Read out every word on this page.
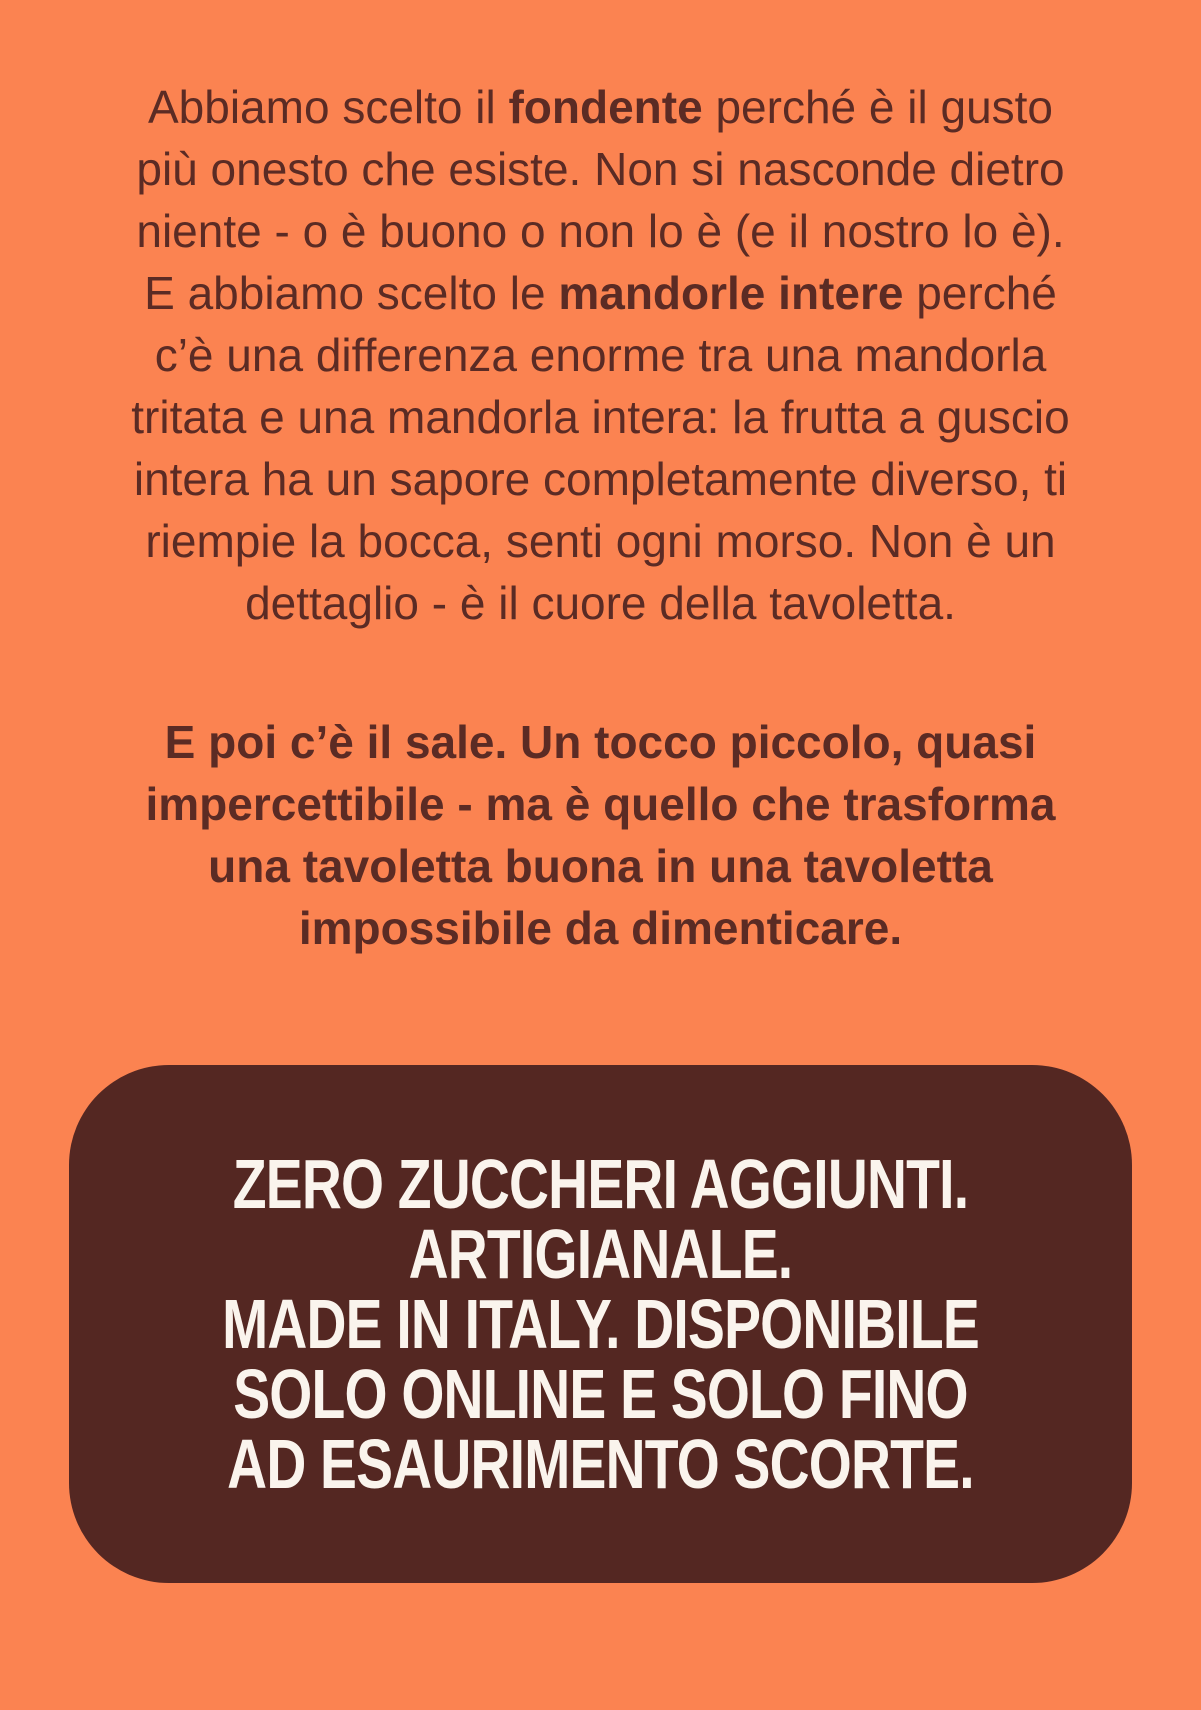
Abbiamo scelto il fondente perché è il gusto
più onesto che esiste. Non si nasconde dietro
niente - o è buono o non lo è (e il nostro lo è).
E abbiamo scelto le mandorle intere perché
c’è una differenza enorme tra una mandorla
tritata e una mandorla intera: la frutta a guscio
intera ha un sapore completamente diverso, ti
riempie la bocca, senti ogni morso. Non è un
dettaglio - è il cuore della tavoletta.
E poi c’è il sale. Un tocco piccolo, quasi
impercettibile - ma è quello che trasforma
una tavoletta buona in una tavoletta
impossibile da dimenticare.
ZERO ZUCCHERI AGGIUNTI.
ARTIGIANALE.
MADE IN ITALY. DISPONIBILE
SOLO ONLINE E SOLO FINO
AD ESAURIMENTO SCORTE.
